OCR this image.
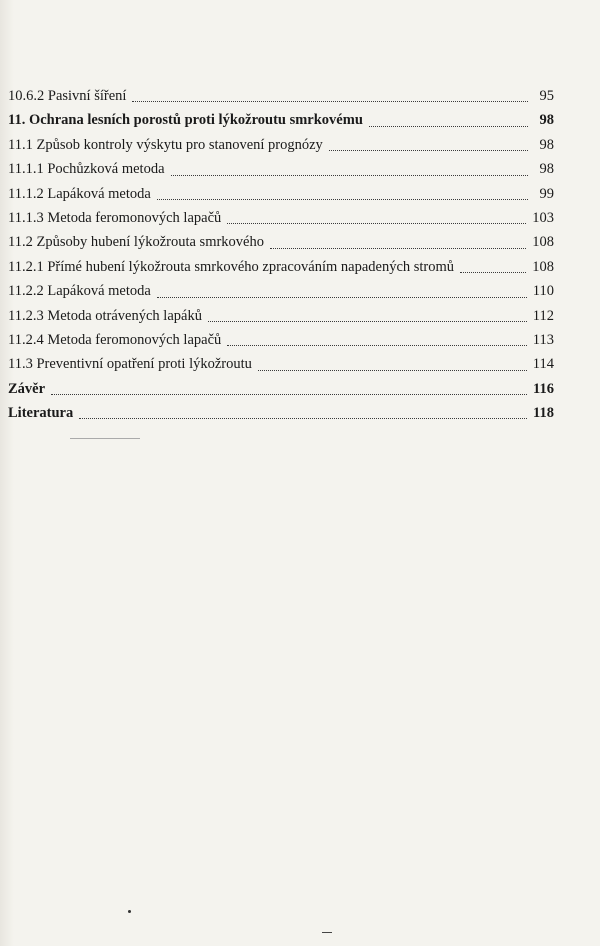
10.6.2 Pasivní šíření	95
11. Ochrana lesních porostů proti lýkožroutu smrkovému	98
11.1 Způsob kontroly výskytu pro stanovení prognózy	98
11.1.1 Pochůzková metoda	98
11.1.2 Lapáková metoda	99
11.1.3 Metoda feromonových lapačů	103
11.2 Způsoby hubení lýkožrouta smrkového	108
11.2.1 Přímé hubení lýkožrouta smrkového zpracováním napadených stromů	108
11.2.2 Lapáková metoda	110
11.2.3 Metoda otrávených lapáků	112
11.2.4 Metoda feromonových lapačů	113
11.3 Preventivní opatření proti lýkožroutu	114
Závěr	116
Literatura	118
